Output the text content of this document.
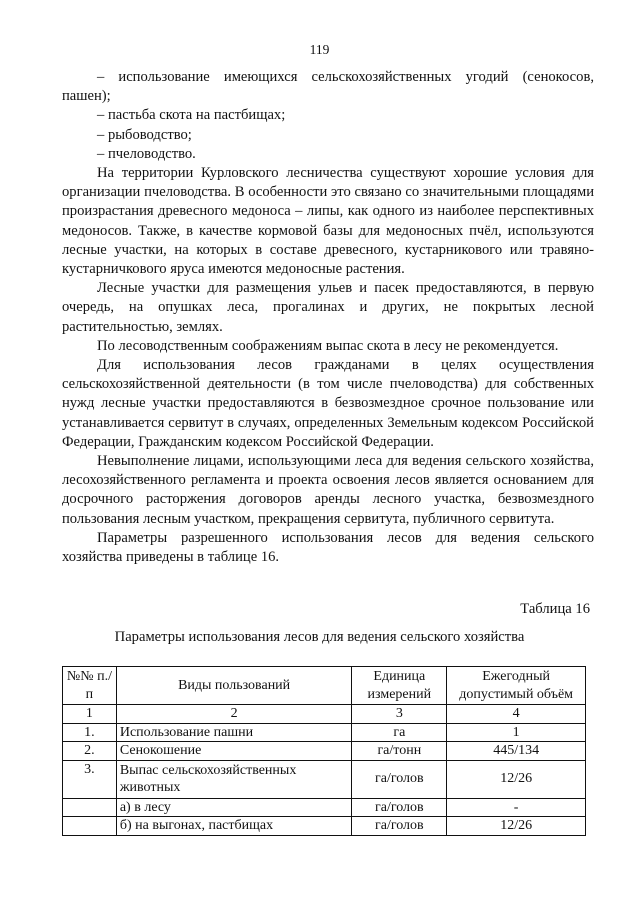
119

– использование имеющихся сельскохозяйственных угодий (сенокосов, пашен);

– пастьба скота на пастбищах;

– рыбоводство;

– пчеловодство.

На территории Курловского лесничества существуют хорошие условия для организации пчеловодства. В особенности это связано со значительными площадями произрастания древесного медоноса – липы, как одного из наиболее перспективных медоносов. Также, в качестве кормовой базы для медоносных пчёл, используются лесные участки, на которых в составе древесного, кустарникового или травяно-кустарничкового яруса имеются медоносные растения.

Лесные участки для размещения ульев и пасек предоставляются, в первую очередь, на опушках леса, прогалинах и других, не покрытых лесной растительностью, землях.

По лесоводственным соображениям выпас скота в лесу не рекомендуется.

Для использования лесов гражданами в целях осуществления сельскохозяйственной деятельности (в том числе пчеловодства) для собственных нужд лесные участки предоставляются в безвозмездное срочное пользование или устанавливается сервитут в случаях, определенных Земельным кодексом Российской Федерации, Гражданским кодексом Российской Федерации.

Невыполнение лицами, использующими леса для ведения сельского хозяйства, лесохозяйственного регламента и проекта освоения лесов является основанием для досрочного расторжения договоров аренды лесного участка, безвозмездного пользования лесным участком, прекращения сервитута, публичного сервитута.

Параметры разрешенного использования лесов для ведения сельского хозяйства приведены в таблице 16.

Таблица 16
Параметры использования лесов для ведения сельского хозяйства
№№ п./п	Виды пользований	Единица измерений	Ежегодный допустимый объём
1	2	3	4
1.	Использование пашни	га	1
2.	Сенокошение	га/тонн	445/134
3.	Выпас сельскохозяйственных животных	га/голов	12/26
	а) в лесу	га/голов	-
	б) на выгонах, пастбищах	га/голов	12/26
